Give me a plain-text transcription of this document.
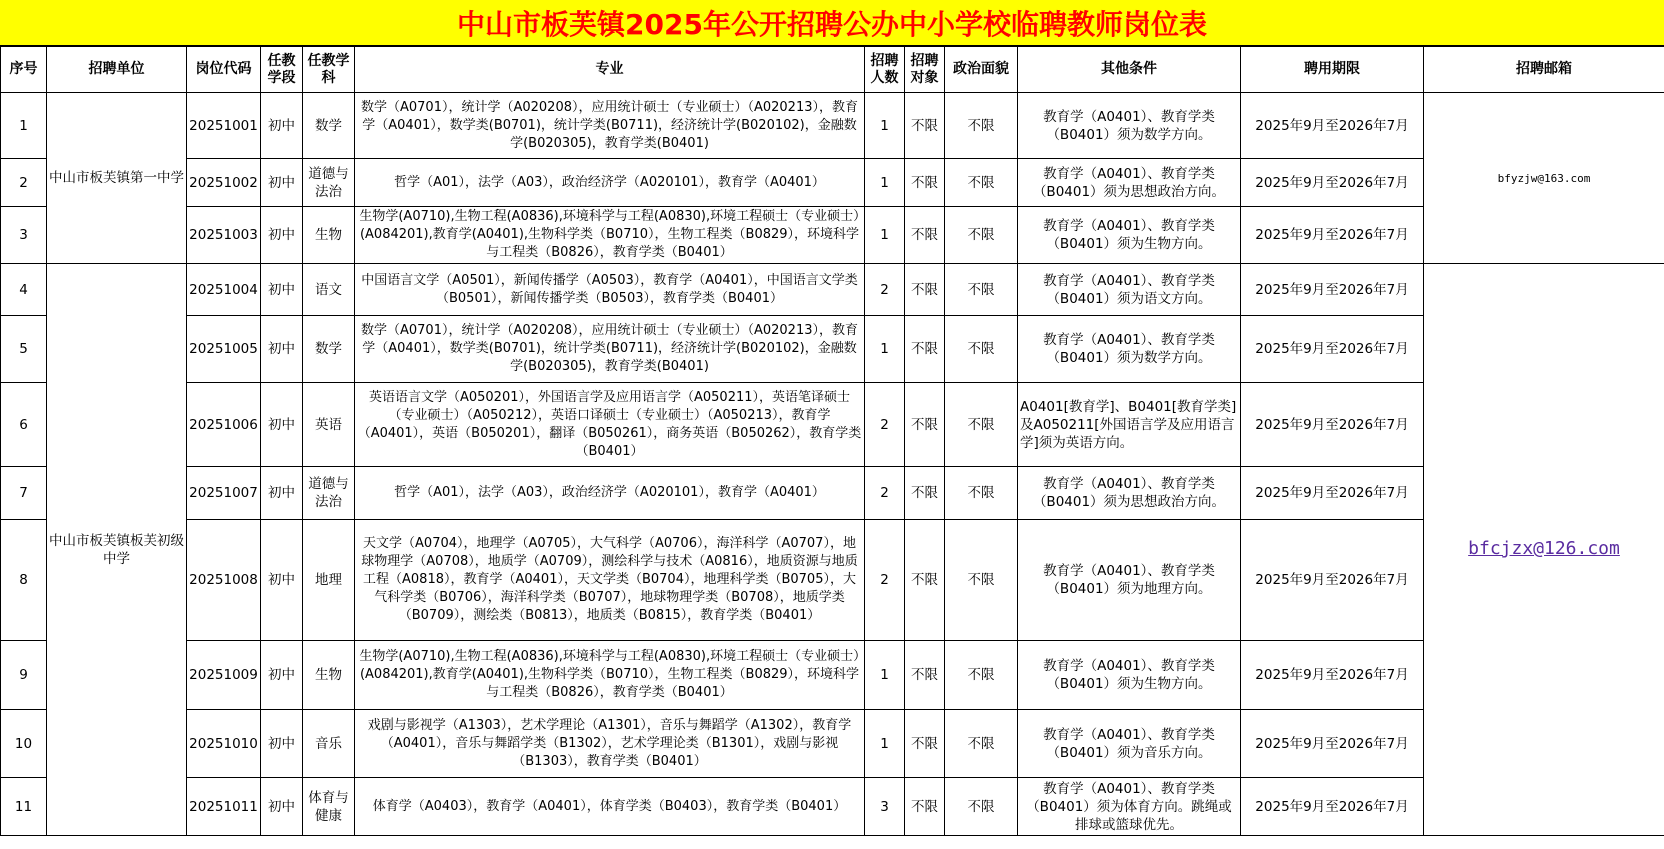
中山市板芙镇2025年公开招聘公办中小学校临聘教师岗位表
序号	招聘单位	岗位代码	任教学段	任教学科	专业	招聘人数	招聘对象	政治面貌	其他条件	聘用期限	招聘邮箱
1	中山市板芙镇第一中学	20251001	初中	数学	数学（A0701），统计学（A020208），应用统计硕士（专业硕士）（A020213），教育学（A0401），数学类(B0701)，统计学类(B0711)，经济统计学(B020102)，金融数学(B020305)，教育学类(B0401)	1	不限	不限	教育学（A0401）、教育学类（B0401）须为数学方向。	2025年9月至2026年7月	bfyzjw@163.com
2		20251002	初中	道德与法治	哲学（A01），法学（A03），政治经济学（A020101），教育学（A0401）	1	不限	不限	教育学（A0401）、教育学类（B0401）须为思想政治方向。	2025年9月至2026年7月	
3		20251003	初中	生物	生物学(A0710),生物工程(A0836),环境科学与工程(A0830),环境工程硕士（专业硕士）(A084201),教育学(A0401),生物科学类（B0710），生物工程类（B0829），环境科学与工程类（B0826），教育学类（B0401）	1	不限	不限	教育学（A0401）、教育学类（B0401）须为生物方向。	2025年9月至2026年7月	
4	中山市板芙镇板芙初级中学	20251004	初中	语文	中国语言文学（A0501），新闻传播学（A0503），教育学（A0401），中国语言文学类（B0501），新闻传播学类（B0503），教育学类（B0401）	2	不限	不限	教育学（A0401）、教育学类（B0401）须为语文方向。	2025年9月至2026年7月	bfcjzx@126.com
5		20251005	初中	数学	数学（A0701），统计学（A020208），应用统计硕士（专业硕士）（A020213），教育学（A0401），数学类(B0701)，统计学类(B0711)，经济统计学(B020102)，金融数学(B020305)，教育学类(B0401)	1	不限	不限	教育学（A0401）、教育学类（B0401）须为数学方向。	2025年9月至2026年7月	
6		20251006	初中	英语	英语语言文学（A050201），外国语言学及应用语言学（A050211），英语笔译硕士（专业硕士）（A050212），英语口译硕士（专业硕士）（A050213），教育学（A0401），英语（B050201），翻译（B050261），商务英语（B050262），教育学类（B0401）	2	不限	不限	A0401[教育学]、B0401[教育学类]及A050211[外国语言学及应用语言学]须为英语方向。	2025年9月至2026年7月	
7		20251007	初中	道德与法治	哲学（A01），法学（A03），政治经济学（A020101），教育学（A0401）	2	不限	不限	教育学（A0401）、教育学类（B0401）须为思想政治方向。	2025年9月至2026年7月	
8		20251008	初中	地理	天文学（A0704），地理学（A0705），大气科学（A0706），海洋科学（A0707），地球物理学（A0708），地质学（A0709），测绘科学与技术（A0816），地质资源与地质工程（A0818），教育学（A0401），天文学类（B0704），地理科学类（B0705），大气科学类（B0706），海洋科学类（B0707），地球物理学类（B0708），地质学类（B0709），测绘类（B0813），地质类（B0815），教育学类（B0401）	2	不限	不限	教育学（A0401）、教育学类（B0401）须为地理方向。	2025年9月至2026年7月	
9		20251009	初中	生物	生物学(A0710),生物工程(A0836),环境科学与工程(A0830),环境工程硕士（专业硕士）(A084201),教育学(A0401),生物科学类（B0710），生物工程类（B0829），环境科学与工程类（B0826），教育学类（B0401）	1	不限	不限	教育学（A0401）、教育学类（B0401）须为生物方向。	2025年9月至2026年7月	
10		20251010	初中	音乐	戏剧与影视学（A1303），艺术学理论（A1301），音乐与舞蹈学（A1302），教育学（A0401），音乐与舞蹈学类（B1302），艺术学理论类（B1301），戏剧与影视（B1303），教育学类（B0401）	1	不限	不限	教育学（A0401）、教育学类（B0401）须为音乐方向。	2025年9月至2026年7月	
11		20251011	初中	体育与健康	体育学（A0403），教育学（A0401），体育学类（B0403），教育学类（B0401）	3	不限	不限	教育学（A0401）、教育学类（B0401）须为体育方向。跳绳或排球或篮球优先。	2025年9月至2026年7月	
